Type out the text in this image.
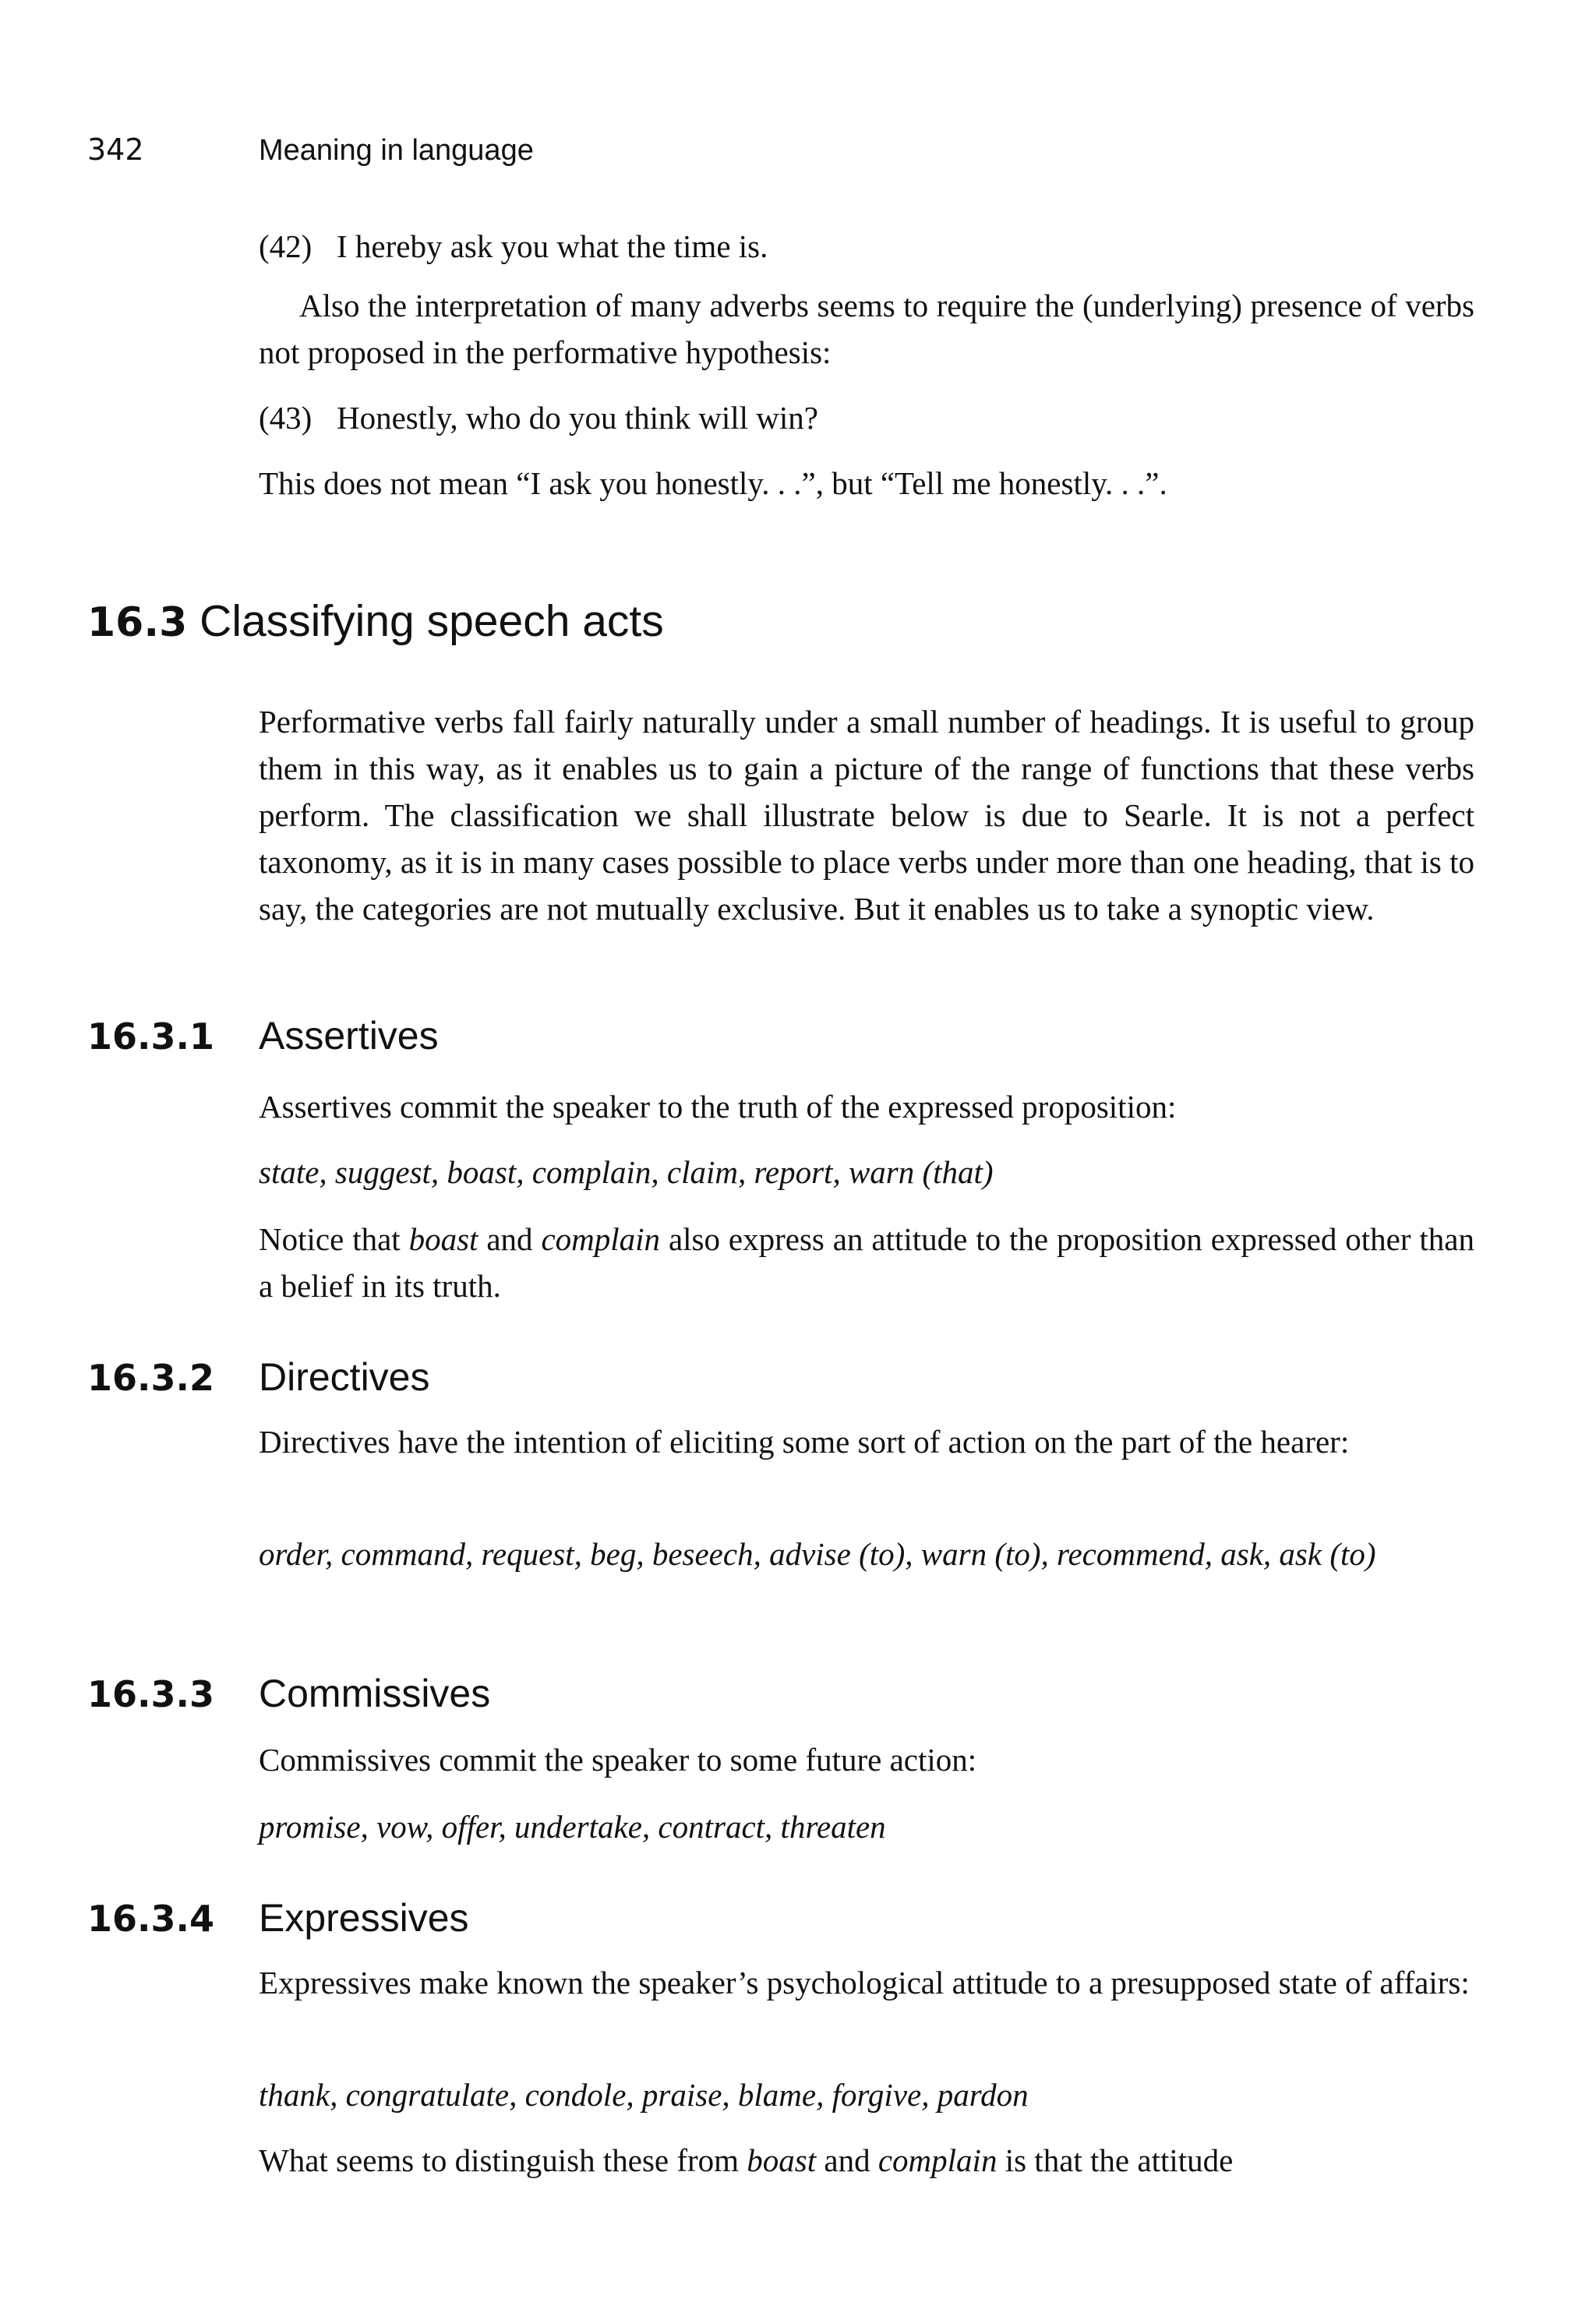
342	Meaning in language
(42) I hereby ask you what the time is.
Also the interpretation of many adverbs seems to require the (underlying) presence of verbs not proposed in the performative hypothesis:
(43) Honestly, who do you think will win?
This does not mean “I ask you honestly. . .”, but “Tell me honestly. . .”.
16.3 Classifying speech acts
Performative verbs fall fairly naturally under a small number of headings. It is useful to group them in this way, as it enables us to gain a picture of the range of functions that these verbs perform. The classification we shall illustrate below is due to Searle. It is not a perfect taxonomy, as it is in many cases possible to place verbs under more than one heading, that is to say, the categories are not mutually exclusive. But it enables us to take a synoptic view.
16.3.1 Assertives
Assertives commit the speaker to the truth of the expressed proposition:
state, suggest, boast, complain, claim, report, warn (that)
Notice that boast and complain also express an attitude to the proposition expressed other than a belief in its truth.
16.3.2 Directives
Directives have the intention of eliciting some sort of action on the part of the hearer:
order, command, request, beg, beseech, advise (to), warn (to), recommend, ask, ask (to)
16.3.3 Commissives
Commissives commit the speaker to some future action:
promise, vow, offer, undertake, contract, threaten
16.3.4 Expressives
Expressives make known the speaker’s psychological attitude to a presupposed state of affairs:
thank, congratulate, condole, praise, blame, forgive, pardon
What seems to distinguish these from boast and complain is that the attitude
